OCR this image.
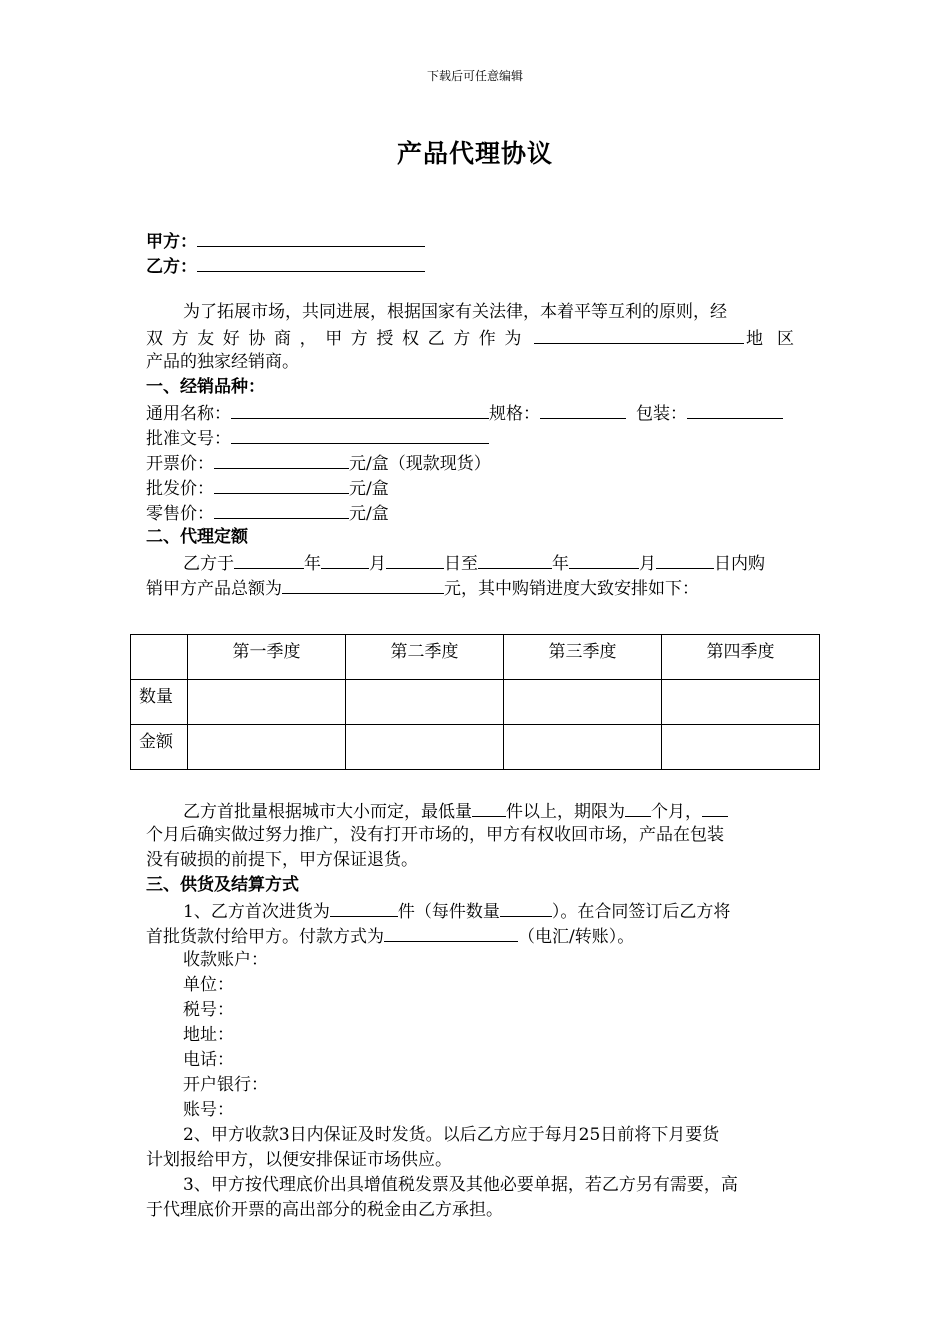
下载后可任意编辑
产品代理协议
甲方：
乙方：
为了拓展市场，共同进展，根据国家有关法律，本着平等互利的原则，经
双方友好协商，甲方授权乙方作为	地区
产品的独家经销商。
一、经销品种：
通用名称：	规格：	包装：
批准文号：
开票价：	元/盒（现款现货）
批发价：	元/盒
零售价：	元/盒
二、代理定额
乙方于	年	月	日至	年	月	日内购
销甲方产品总额为	元，其中购销进度大致安排如下：
	第一季度	第二季度	第三季度	第四季度
数量				
金额				
乙方首批量根据城市大小而定，最低量 件以上，期限为 个月，
个月后确实做过努力推广，没有打开市场的，甲方有权收回市场，产品在包装
没有破损的前提下，甲方保证退货。
三、供货及结算方式
1、乙方首次进货为	件（每件数量	）。在合同签订后乙方将
首批货款付给甲方。付款方式为	（电汇/转账）。
收款账户：
单位：
税号：
地址：
电话：
开户银行：
账号：
2、甲方收款3日内保证及时发货。以后乙方应于每月25日前将下月要货
计划报给甲方，以便安排保证市场供应。
3、甲方按代理底价出具增值税发票及其他必要单据，若乙方另有需要，高
于代理底价开票的高出部分的税金由乙方承担。
